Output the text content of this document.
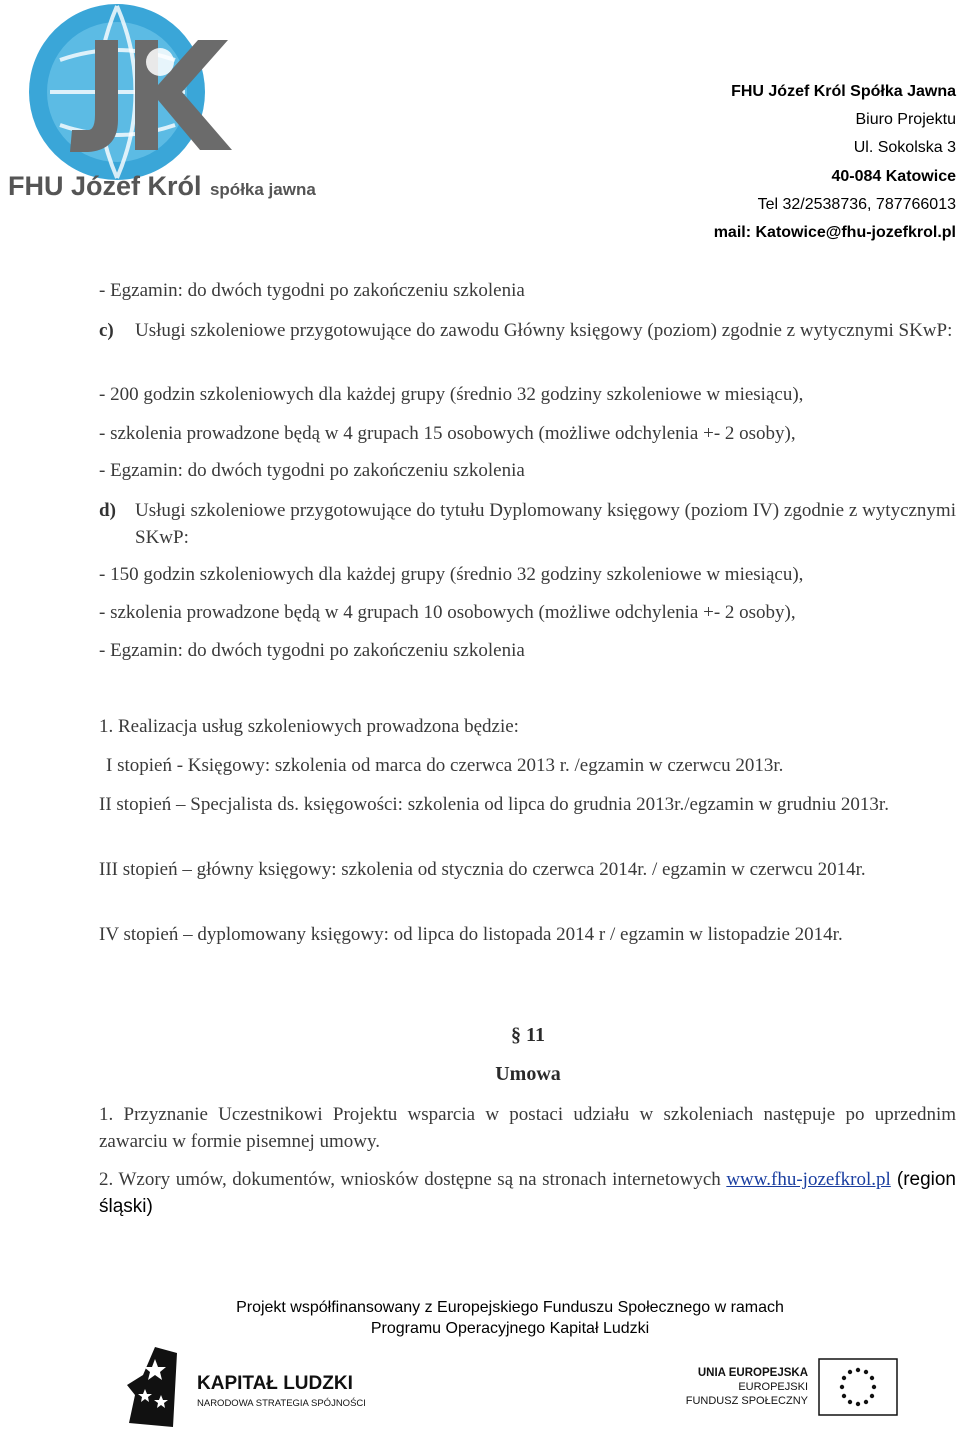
FHU Józef Król spółka jawna
FHU Józef Król Spółka Jawna
Biuro Projektu
Ul. Sokolska 3
40-084 Katowice
Tel 32/2538736, 787766013
mail: Katowice@fhu-jozefkrol.pl
- Egzamin: do dwóch tygodni po zakończeniu szkolenia
c) Usługi szkoleniowe przygotowujące do zawodu Główny księgowy (poziom) zgodnie z wytycznymi SKwP:
- 200 godzin szkoleniowych dla każdej grupy (średnio 32 godziny szkoleniowe w miesiącu),
- szkolenia prowadzone będą w 4 grupach 15 osobowych (możliwe odchylenia +- 2 osoby),
- Egzamin: do dwóch tygodni po zakończeniu szkolenia
d) Usługi szkoleniowe przygotowujące do tytułu Dyplomowany księgowy (poziom IV) zgodnie z wytycznymi SKwP:
- 150 godzin szkoleniowych dla każdej grupy (średnio 32 godziny szkoleniowe w miesiącu),
- szkolenia prowadzone będą w 4 grupach 10 osobowych (możliwe odchylenia +- 2 osoby),
- Egzamin: do dwóch tygodni po zakończeniu szkolenia
1. Realizacja usług szkoleniowych prowadzona będzie:
I stopień - Księgowy: szkolenia od marca do czerwca 2013 r. /egzamin w czerwcu 2013r.
II stopień – Specjalista ds. księgowości: szkolenia od lipca do grudnia 2013r./egzamin w grudniu 2013r.
III stopień – główny księgowy: szkolenia od stycznia do czerwca 2014r. / egzamin w czerwcu 2014r.
IV stopień – dyplomowany księgowy: od lipca do listopada 2014 r / egzamin w listopadzie 2014r.
§ 11
Umowa
1. Przyznanie Uczestnikowi Projektu wsparcia w postaci udziału w szkoleniach następuje po uprzednim zawarciu w formie pisemnej umowy.
2. Wzory umów, dokumentów, wniosków dostępne są na stronach internetowych www.fhu-jozefkrol.pl (region śląski)
Projekt współfinansowany z Europejskiego Funduszu Społecznego w ramach
Programu Operacyjnego Kapitał Ludzki
KAPITAŁ LUDZKI
NARODOWA STRATEGIA SPÓJNOŚCI
UNIA EUROPEJSKA
EUROPEJSKI
FUNDUSZ SPOŁECZNY
